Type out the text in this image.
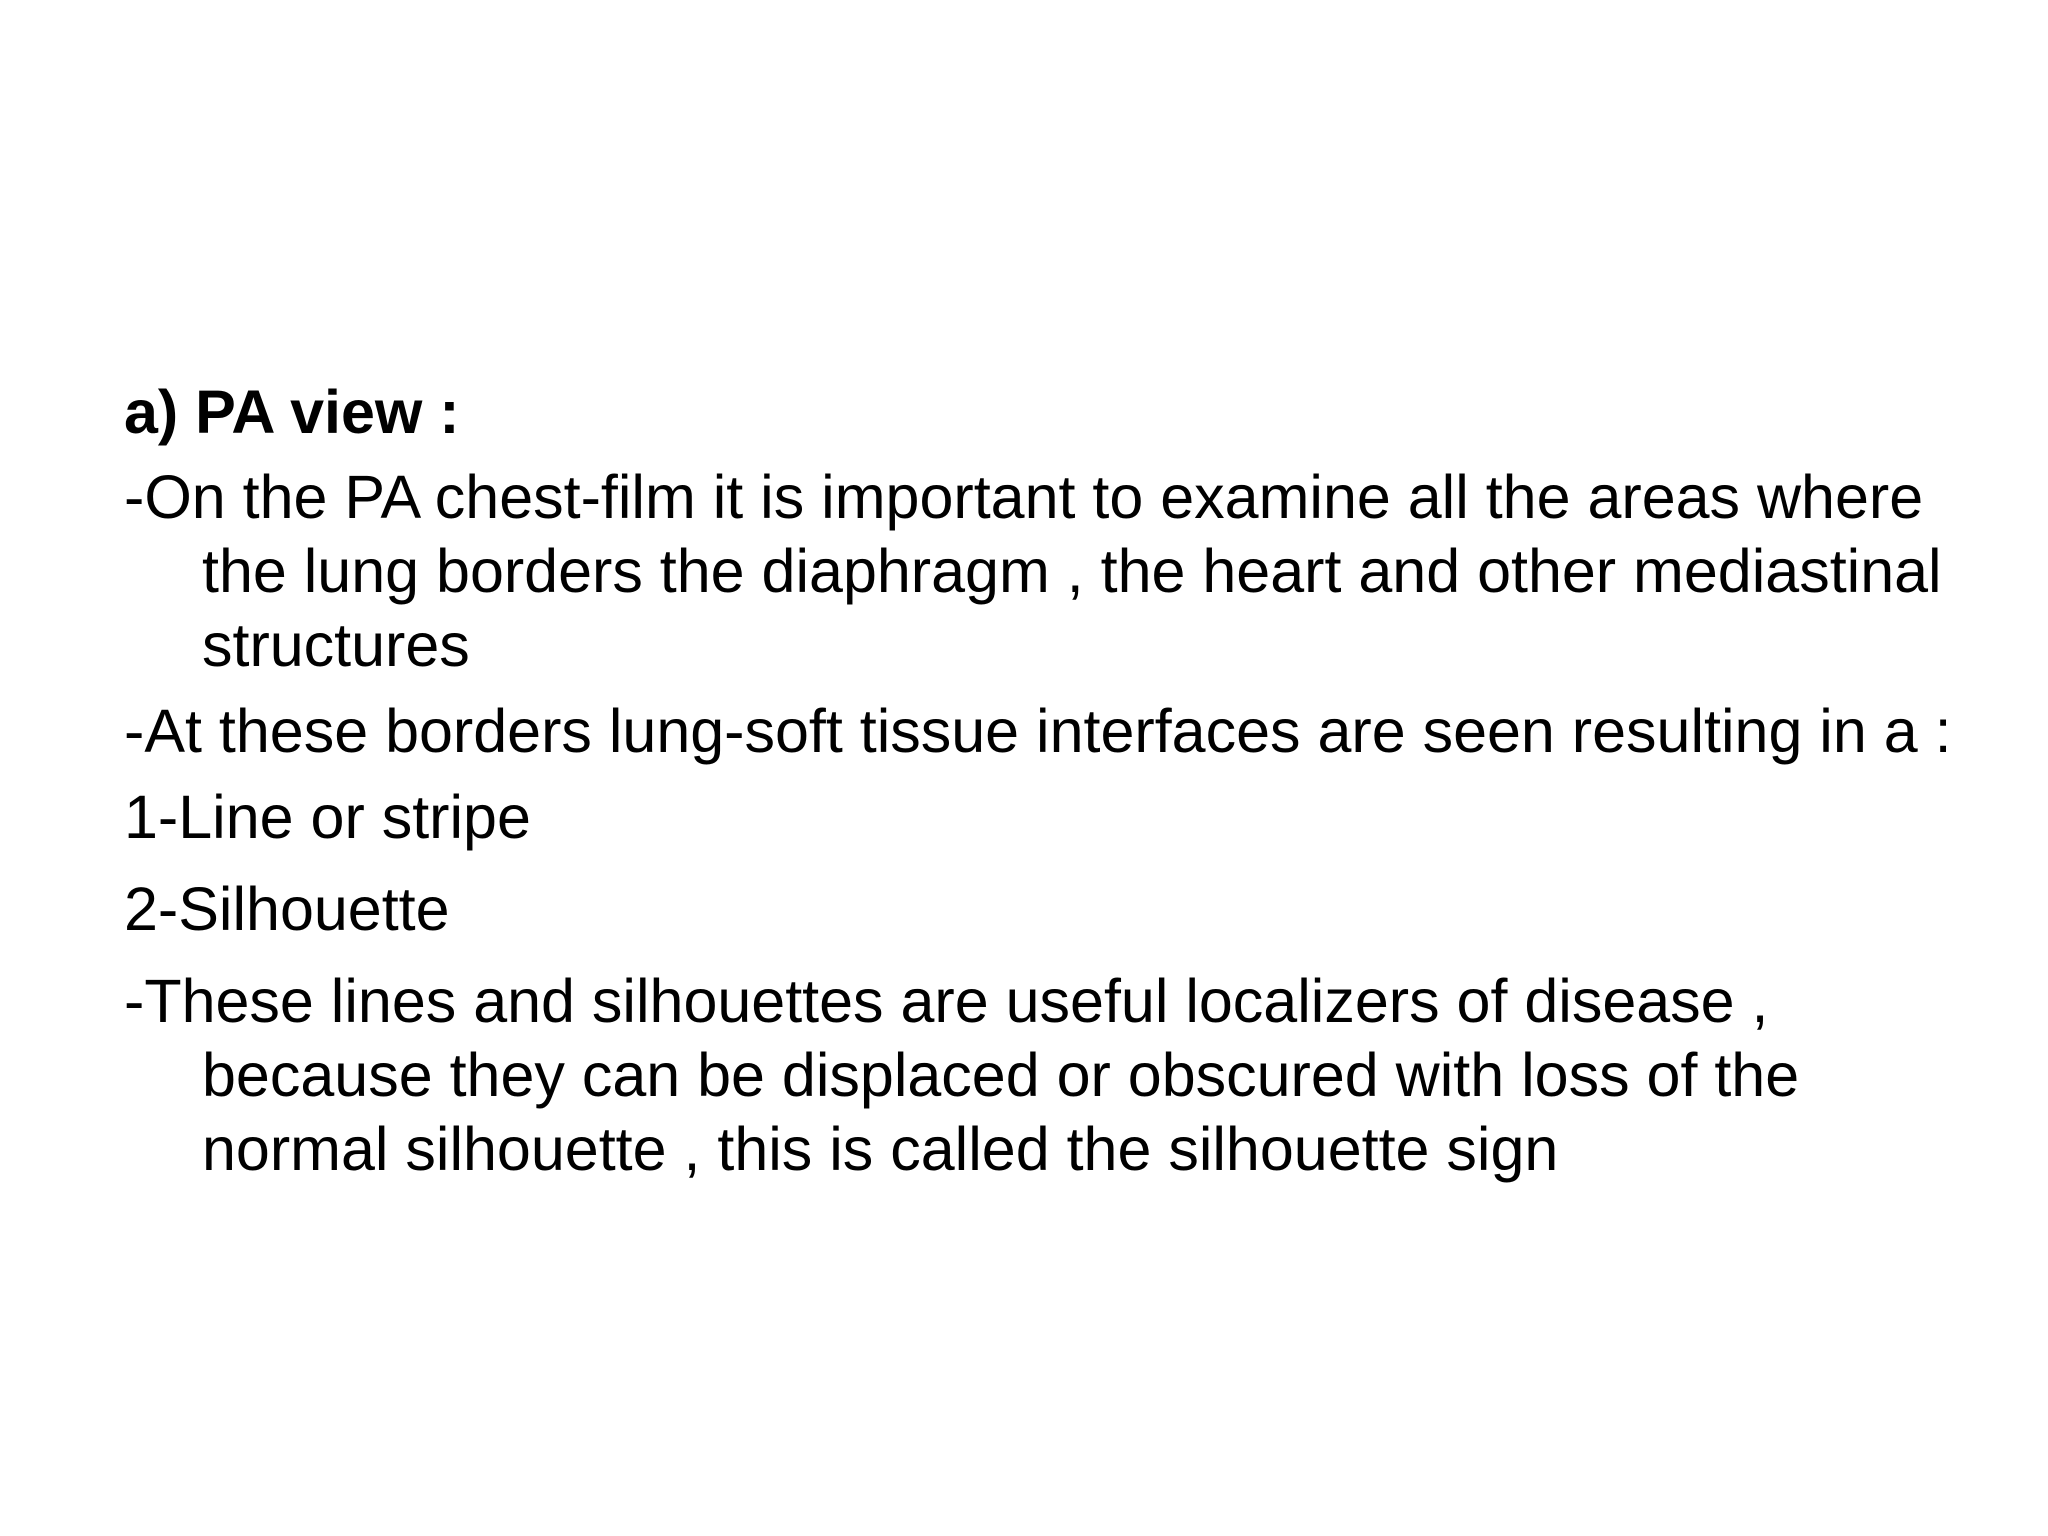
a) PA view :
-On the PA chest-film it is important to examine all the areas where the lung borders the diaphragm , the heart and other mediastinal structures
-At these borders lung-soft tissue interfaces are seen resulting in a :
1-Line or stripe
2-Silhouette
-These lines and silhouettes are useful localizers of disease , because they can be displaced or obscured with loss of the normal silhouette , this is called the silhouette sign
